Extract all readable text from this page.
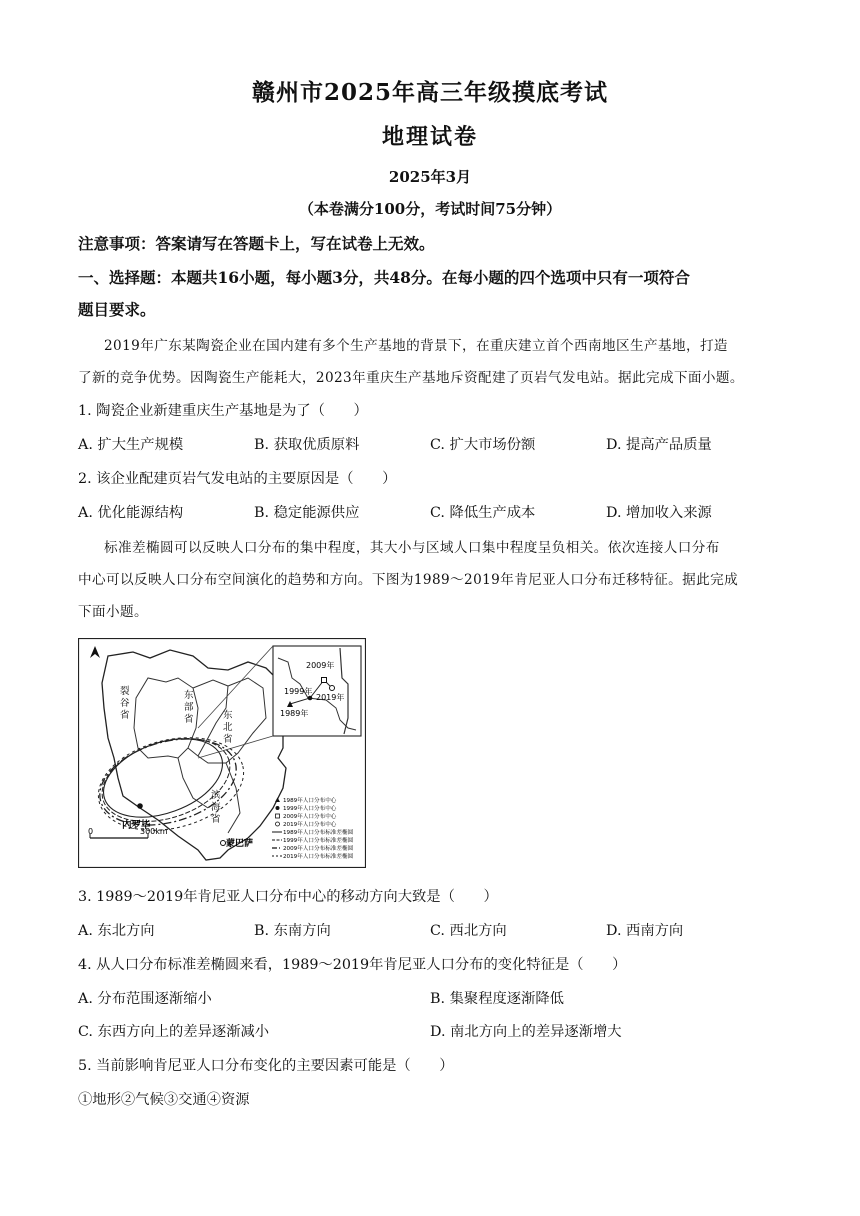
赣州市2025年高三年级摸底考试
地理试卷
2025年3月
（本卷满分100分，考试时间75分钟）
注意事项：答案请写在答题卡上，写在试卷上无效。
一、选择题：本题共16小题，每小题3分，共48分。在每小题的四个选项中只有一项符合
题目要求。
2019年广东某陶瓷企业在国内建有多个生产基地的背景下，在重庆建立首个西南地区生产基地，打造
了新的竞争优势。因陶瓷生产能耗大，2023年重庆生产基地斥资配建了页岩气发电站。据此完成下面小题。
1. 陶瓷企业新建重庆生产基地是为了（　　）
A. 扩大生产规模	B. 获取优质原料	C. 扩大市场份额	D. 提高产品质量
2. 该企业配建页岩气发电站的主要原因是（　　）
A. 优化能源结构	B. 稳定能源供应	C. 降低生产成本	D. 增加收入来源
标准差椭圆可以反映人口分布的集中程度，其大小与区域人口集中程度呈负相关。依次连接人口分布
中心可以反映人口分布空间演化的趋势和方向。下图为1989～2019年肯尼亚人口分布迁移特征。据此完成
下面小题。
1989年
1999年
2009年
2019年
裂
谷
省
东
部
省	东
北
省
滨
海
省
内罗毕
蒙巴萨
0	300km
1989年人口分布中心
1999年人口分布中心
2009年人口分布中心
2019年人口分布中心
1989年人口分布标准差椭圆
1999年人口分布标准差椭圆
2009年人口分布标准差椭圆
2019年人口分布标准差椭圆
3. 1989～2019年肯尼亚人口分布中心的移动方向大致是（　　）
A. 东北方向	B. 东南方向	C. 西北方向	D. 西南方向
4. 从人口分布标准差椭圆来看，1989～2019年肯尼亚人口分布的变化特征是（　　）
A. 分布范围逐渐缩小	B. 集聚程度逐渐降低
C. 东西方向上的差异逐渐减小	D. 南北方向上的差异逐渐增大
5. 当前影响肯尼亚人口分布变化的主要因素可能是（　　）
①地形②气候③交通④资源
